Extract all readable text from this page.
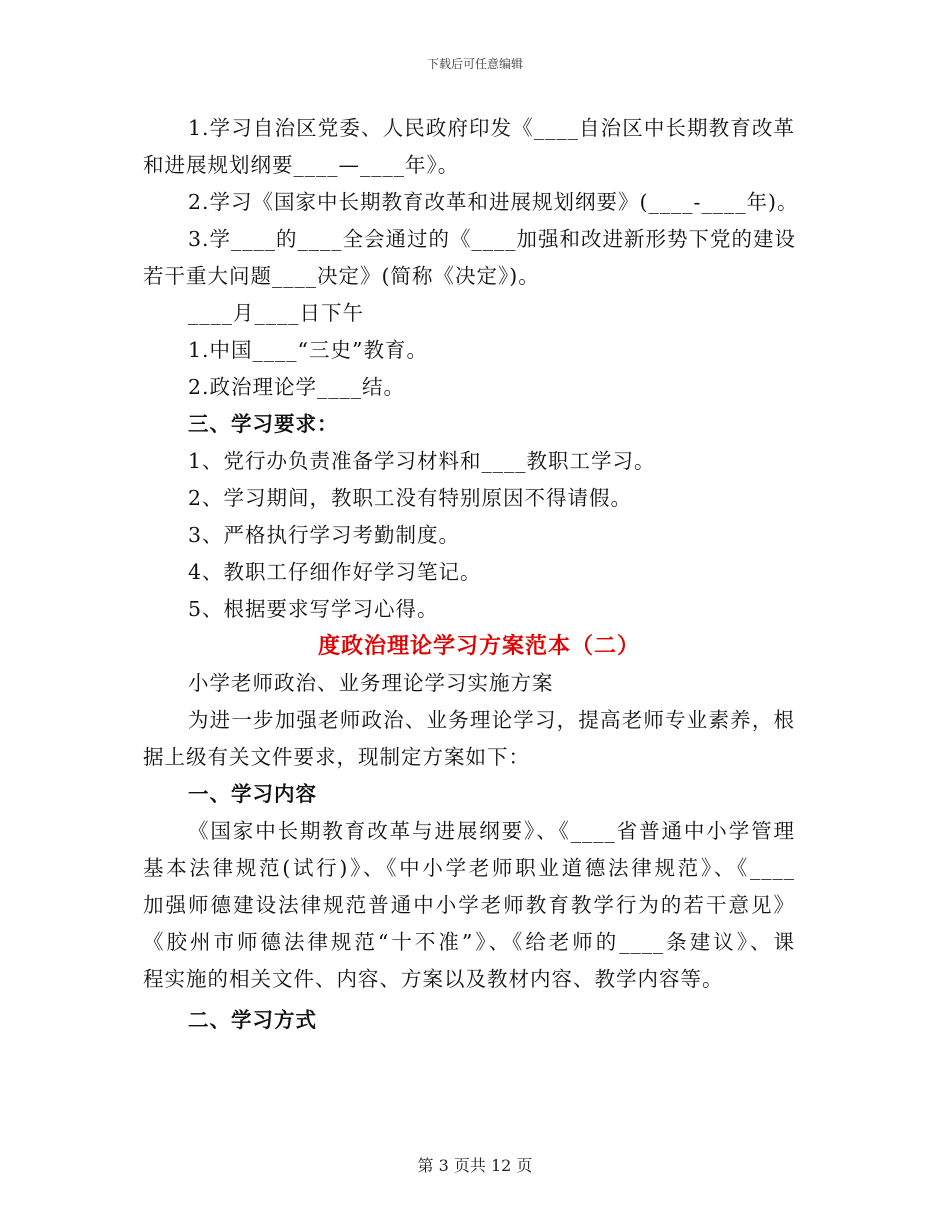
下载后可任意编辑
1.学习自治区党委、人民政府印发《____自治区中长期教育改革
和进展规划纲要____—____年》。
2.学习《国家中长期教育改革和进展规划纲要》(____-____年)。
3.学____的____全会通过的《____加强和改进新形势下党的建设
若干重大问题____决定》(简称《决定》)。
____月____日下午
1.中国____“三史”教育。
2.政治理论学____结。
三、学习要求：
1、党行办负责准备学习材料和____教职工学习。
2、学习期间，教职工没有特别原因不得请假。
3、严格执行学习考勤制度。
4、教职工仔细作好学习笔记。
5、根据要求写学习心得。
度政治理论学习方案范本（二）
小学老师政治、业务理论学习实施方案
为进一步加强老师政治、业务理论学习，提高老师专业素养，根
据上级有关文件要求，现制定方案如下：
一、学习内容
《国家中长期教育改革与进展纲要》、《____省普通中小学管理
基本法律规范(试行)》、《中小学老师职业道德法律规范》、《____
加强师德建设法律规范普通中小学老师教育教学行为的若干意见》
《胶州市师德法律规范“十不准”》、《给老师的____条建议》、课
程实施的相关文件、内容、方案以及教材内容、教学内容等。
二、学习方式
第 3 页共 12 页
